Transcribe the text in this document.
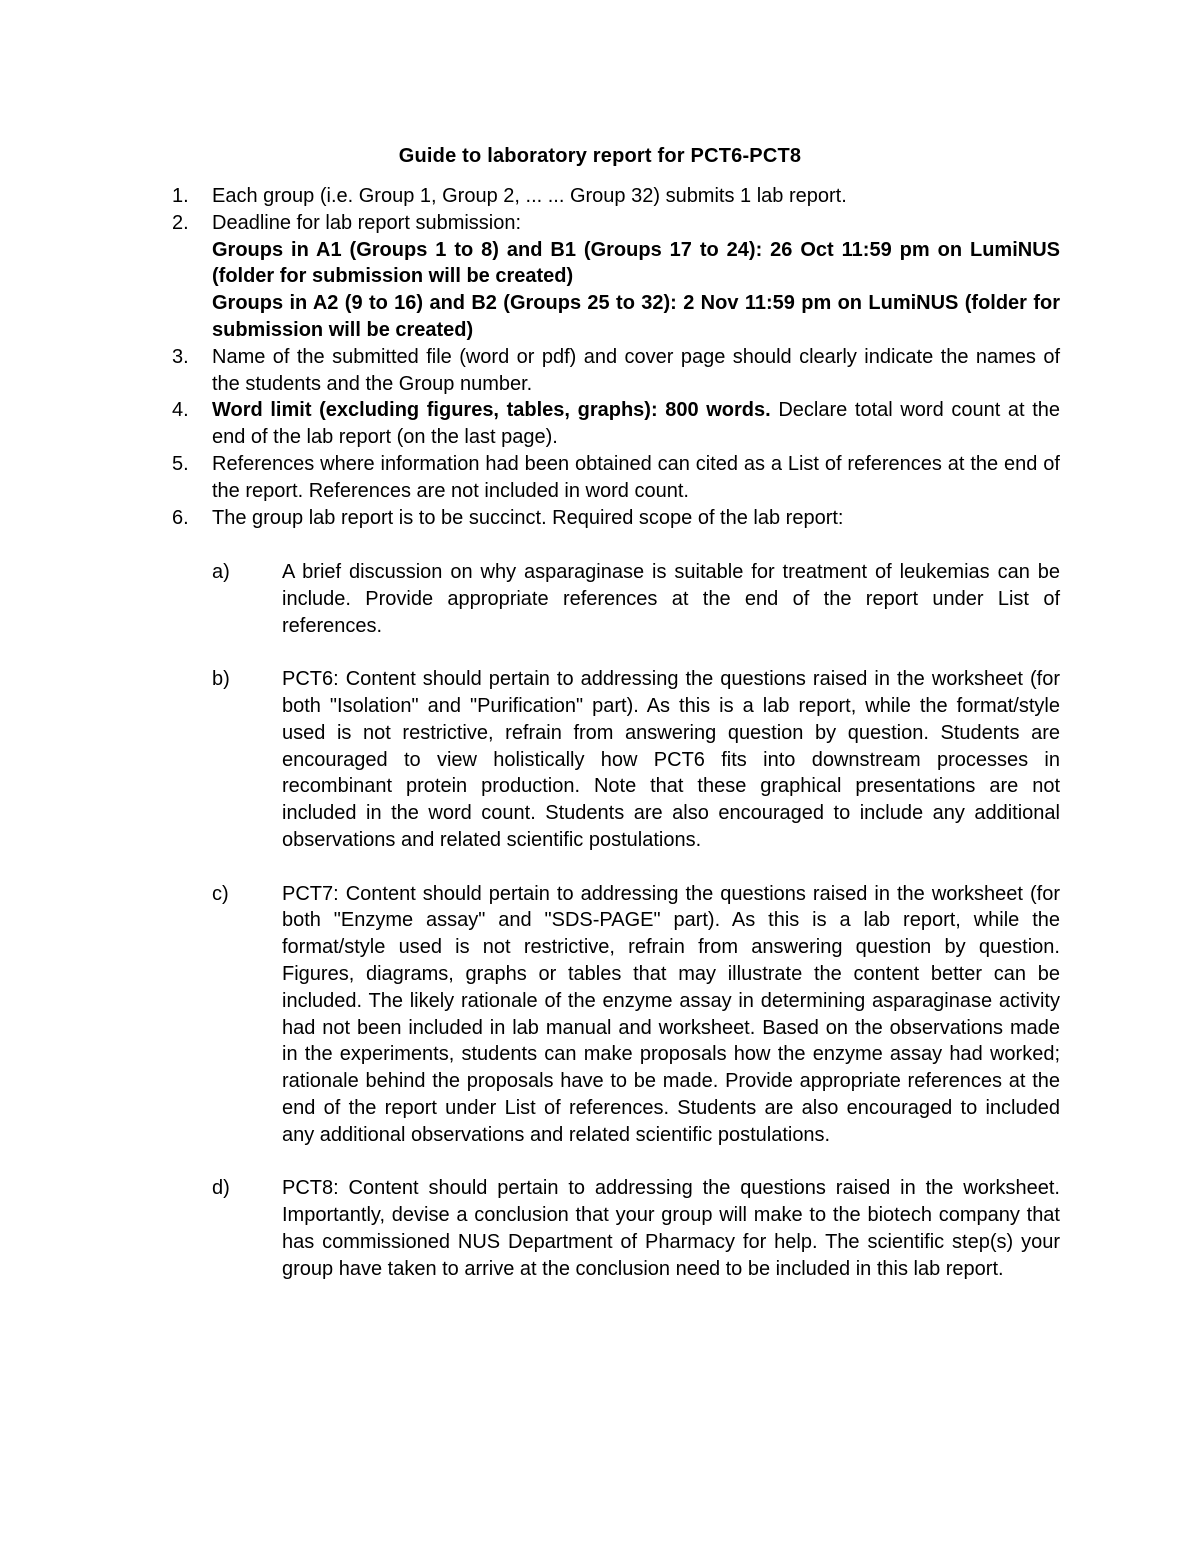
Guide to laboratory report for PCT6-PCT8
1.	Each group (i.e. Group 1, Group 2, ... ... Group 32) submits 1 lab report.
2.	Deadline for lab report submission:
Groups in A1 (Groups 1 to 8) and B1 (Groups 17 to 24): 26 Oct 11:59 pm on LumiNUS (folder for submission will be created)
Groups in A2 (9 to 16) and B2 (Groups 25 to 32): 2 Nov 11:59 pm on LumiNUS (folder for submission will be created)
3.	Name of the submitted file (word or pdf) and cover page should clearly indicate the names of the students and the Group number.
4.	Word limit (excluding figures, tables, graphs): 800 words. Declare total word count at the end of the lab report (on the last page).
5.	References where information had been obtained can cited as a List of references at the end of the report. References are not included in word count.
6.	The group lab report is to be succinct. Required scope of the lab report:
a)	A brief discussion on why asparaginase is suitable for treatment of leukemias can be include. Provide appropriate references at the end of the report under List of references.
b)	PCT6: Content should pertain to addressing the questions raised in the worksheet (for both "Isolation" and "Purification" part). As this is a lab report, while the format/style used is not restrictive, refrain from answering question by question. Students are encouraged to view holistically how PCT6 fits into downstream processes in recombinant protein production. Note that these graphical presentations are not included in the word count. Students are also encouraged to include any additional observations and related scientific postulations.
c)	PCT7: Content should pertain to addressing the questions raised in the worksheet (for both "Enzyme assay" and "SDS-PAGE" part). As this is a lab report, while the format/style used is not restrictive, refrain from answering question by question. Figures, diagrams, graphs or tables that may illustrate the content better can be included. The likely rationale of the enzyme assay in determining asparaginase activity had not been included in lab manual and worksheet. Based on the observations made in the experiments, students can make proposals how the enzyme assay had worked; rationale behind the proposals have to be made. Provide appropriate references at the end of the report under List of references. Students are also encouraged to included any additional observations and related scientific postulations.
d)	PCT8: Content should pertain to addressing the questions raised in the worksheet. Importantly, devise a conclusion that your group will make to the biotech company that has commissioned NUS Department of Pharmacy for help. The scientific step(s) your group have taken to arrive at the conclusion need to be included in this lab report.
